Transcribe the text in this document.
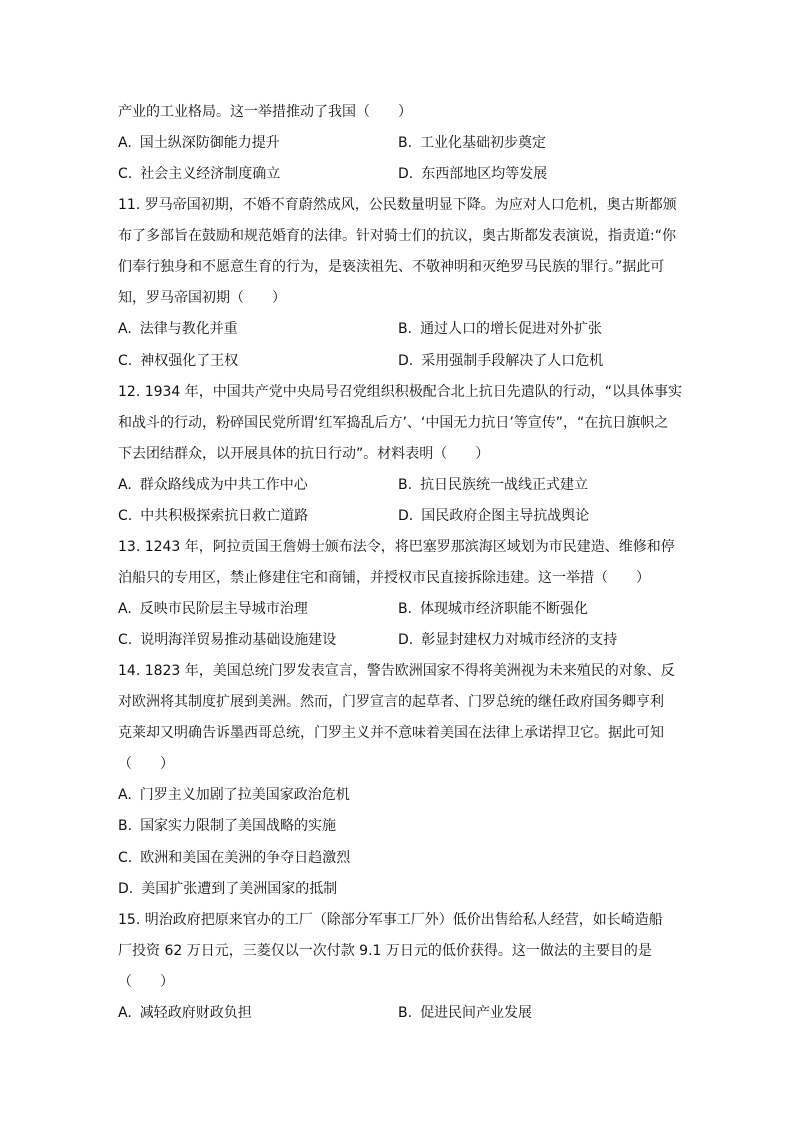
产业的工业格局。这一举措推动了我国（　　）
A. 国土纵深防御能力提升	B. 工业化基础初步奠定
C. 社会主义经济制度确立	D. 东西部地区均等发展
11. 罗马帝国初期，不婚不育蔚然成风，公民数量明显下降。为应对人口危机，奥古斯都颁
布了多部旨在鼓励和规范婚育的法律。针对骑士们的抗议，奥古斯都发表演说，指责道:“你
们奉行独身和不愿意生育的行为，是亵渎祖先、不敬神明和灭绝罗马民族的罪行。”据此可
知，罗马帝国初期（　　）
A. 法律与教化并重	B. 通过人口的增长促进对外扩张
C. 神权强化了王权	D. 采用强制手段解决了人口危机
12. 1934 年，中国共产党中央局号召党组织积极配合北上抗日先遣队的行动，“以具体事实
和战斗的行动，粉碎国民党所谓‘红军捣乱后方’、‘中国无力抗日’等宣传”，“在抗日旗帜之
下去团结群众，以开展具体的抗日行动”。材料表明（　　）
A. 群众路线成为中共工作中心	B. 抗日民族统一战线正式建立
C. 中共积极探索抗日救亡道路	D. 国民政府企图主导抗战舆论
13. 1243 年，阿拉贡国王詹姆士颁布法令，将巴塞罗那滨海区域划为市民建造、维修和停
泊船只的专用区，禁止修建住宅和商铺，并授权市民直接拆除违建。这一举措（　　）
A. 反映市民阶层主导城市治理	B. 体现城市经济职能不断强化
C. 说明海洋贸易推动基础设施建设	D. 彰显封建权力对城市经济的支持
14. 1823 年，美国总统门罗发表宣言，警告欧洲国家不得将美洲视为未来殖民的对象、反
对欧洲将其制度扩展到美洲。然而，门罗宣言的起草者、门罗总统的继任政府国务卿亨利
克莱却又明确告诉墨西哥总统，门罗主义并不意味着美国在法律上承诺捍卫它。据此可知
（　　）
A. 门罗主义加剧了拉美国家政治危机
B. 国家实力限制了美国战略的实施
C. 欧洲和美国在美洲的争夺日趋激烈
D. 美国扩张遭到了美洲国家的抵制
15. 明治政府把原来官办的工厂（除部分军事工厂外）低价出售给私人经营，如长崎造船
厂投资 62 万日元，三菱仅以一次付款 9.1 万日元的低价获得。这一做法的主要目的是
（　　）
A. 减轻政府财政负担	B. 促进民间产业发展
